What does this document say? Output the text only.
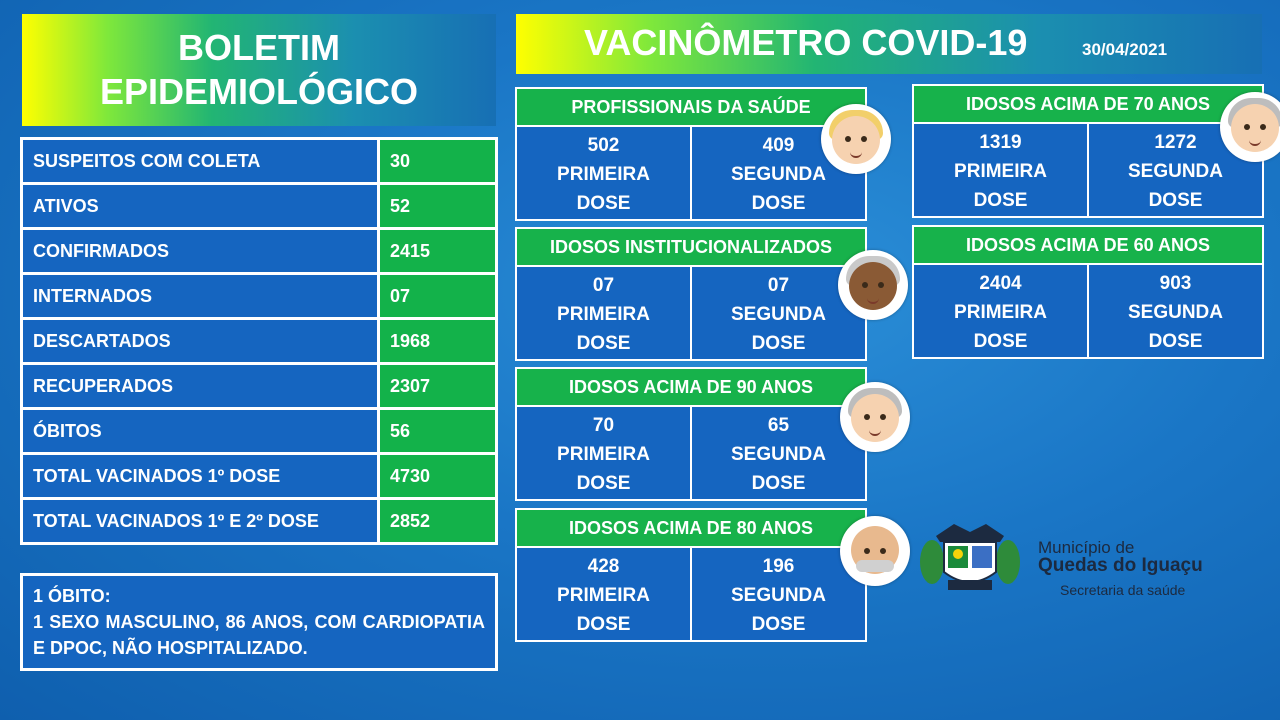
BOLETIM
EPIDEMIOLÓGICO
VACINÔMETRO COVID-19	30/04/2021
SUSPEITOS COM COLETA	30
ATIVOS	52
CONFIRMADOS	2415
INTERNADOS	07
DESCARTADOS	1968
RECUPERADOS	2307
ÓBITOS	56
TOTAL VACINADOS 1º DOSE	4730
TOTAL VACINADOS 1º E 2º DOSE	2852

1 ÓBITO:

1 SEXO MASCULINO, 86 ANOS, COM CARDIOPATIA E DPOC, NÃO HOSPITALIZADO.

PROFISSIONAIS DA SAÚDE
502
PRIMEIRA
DOSE
409
SEGUNDA
DOSE
IDOSOS INSTITUCIONALIZADOS
07
PRIMEIRA
DOSE
07
SEGUNDA
DOSE
IDOSOS ACIMA DE 90 ANOS
70
PRIMEIRA
DOSE
65
SEGUNDA
DOSE
IDOSOS ACIMA DE 80 ANOS
428
PRIMEIRA
DOSE
196
SEGUNDA
DOSE
IDOSOS ACIMA DE 70 ANOS
1319
PRIMEIRA
DOSE
1272
SEGUNDA
DOSE
IDOSOS ACIMA DE 60 ANOS
2404
PRIMEIRA
DOSE
903
SEGUNDA
DOSE
Município de
Quedas do Iguaçu
Secretaria da saúde
